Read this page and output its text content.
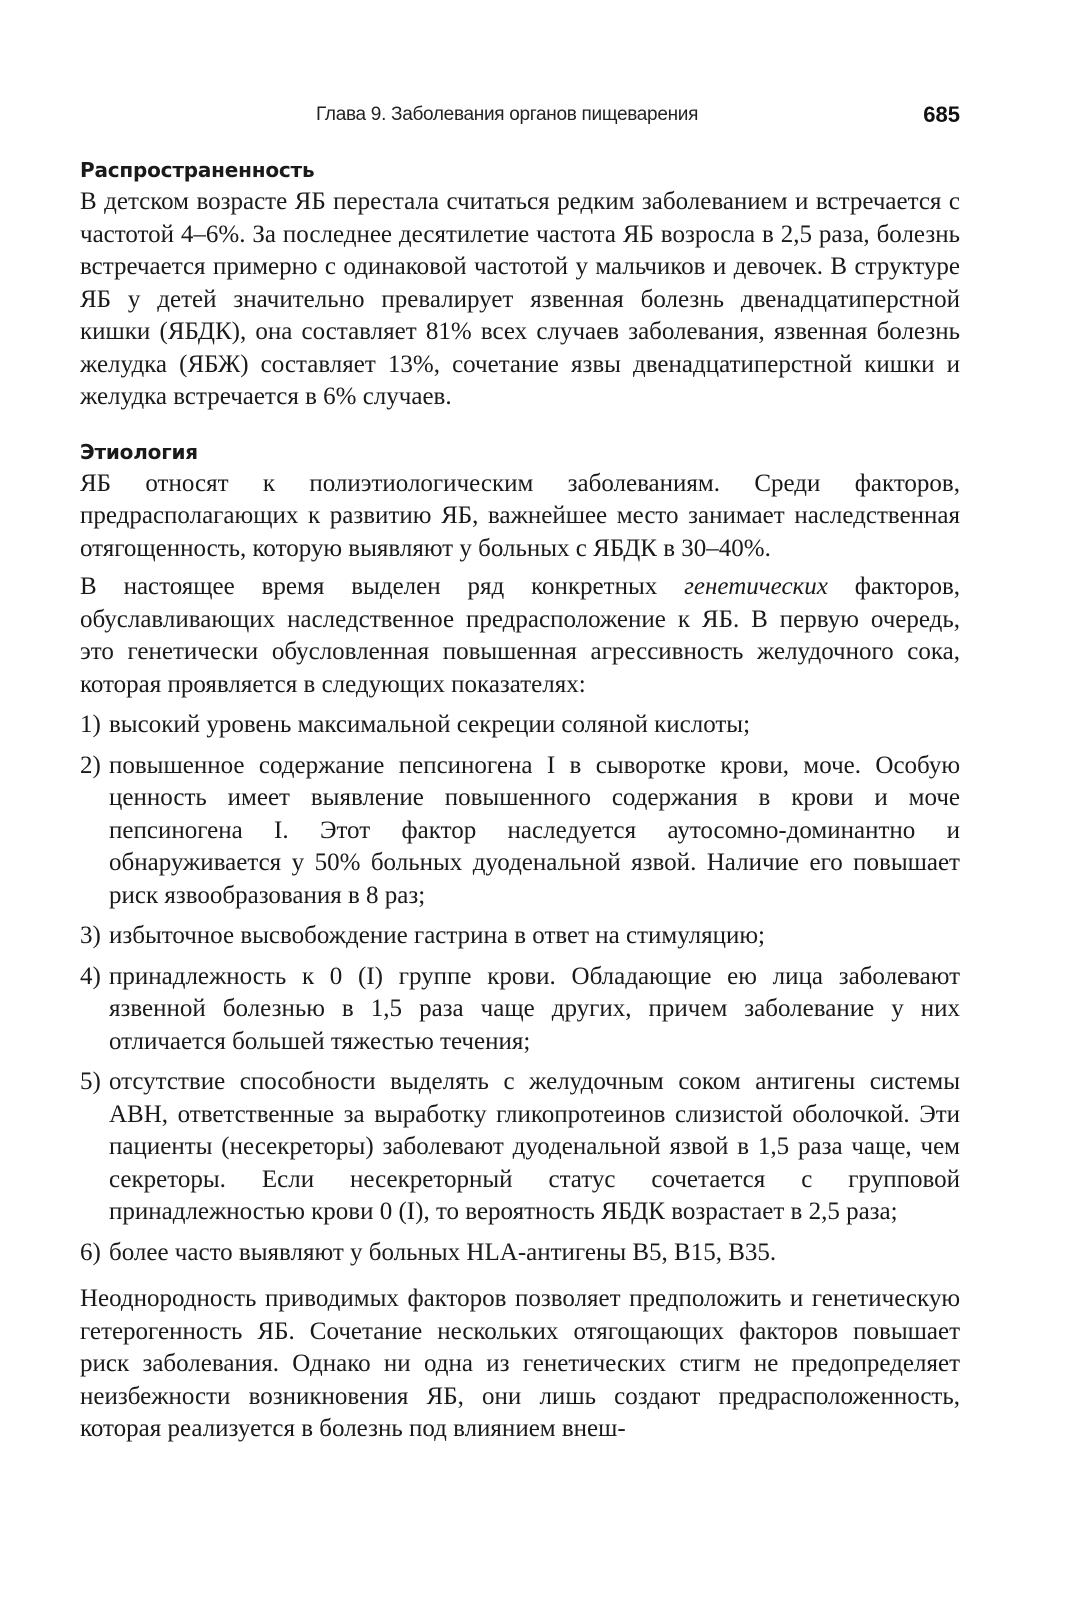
Глава 9. Заболевания органов пищеварения	685
Распространенность

В детском возрасте ЯБ перестала считаться редким заболеванием и встречается с частотой 4–6%. За последнее десятилетие частота ЯБ возросла в 2,5 раза, болезнь встречается примерно с одинаковой частотой у мальчиков и девочек. В структуре ЯБ у детей значительно превалирует язвенная болезнь двенадцатиперстной кишки (ЯБДК), она составляет 81% всех случаев заболевания, язвенная болезнь желудка (ЯБЖ) составляет 13%, сочетание язвы двенадцатиперстной кишки и желудка встречается в 6% случаев.

Этиология

ЯБ относят к полиэтиологическим заболеваниям. Среди факторов, предрасполагающих к развитию ЯБ, важнейшее место занимает наследственная отягощенность, которую выявляют у больных с ЯБДК в 30–40%.

В настоящее время выделен ряд конкретных генетических факторов, обуславливающих наследственное предрасположение к ЯБ. В первую очередь, это генетически обусловленная повышенная агрессивность желудочного сока, которая проявляется в следующих показателях:

1) высокий уровень максимальной секреции соляной кислоты;
2) повышенное содержание пепсиногена I в сыворотке крови, моче. Особую ценность имеет выявление повышенного содержания в крови и моче пепсиногена I. Этот фактор наследуется аутосомно-доминантно и обнаруживается у 50% больных дуоденальной язвой. Наличие его повышает риск язвообразования в 8 раз;
3) избыточное высвобождение гастрина в ответ на стимуляцию;
4) принадлежность к 0 (I) группе крови. Обладающие ею лица заболевают язвенной болезнью в 1,5 раза чаще других, причем заболевание у них отличается большей тяжестью течения;
5) отсутствие способности выделять с желудочным соком антигены системы ABH, ответственные за выработку гликопротеинов слизистой оболочкой. Эти пациенты (несекреторы) заболевают дуоденальной язвой в 1,5 раза чаще, чем секреторы. Если несекреторный статус сочетается с групповой принадлежностью крови 0 (I), то вероятность ЯБДК возрастает в 2,5 раза;
6) более часто выявляют у больных HLA-антигены B5, B15, B35.

Неоднородность приводимых факторов позволяет предположить и генетическую гетерогенность ЯБ. Сочетание нескольких отягощающих факторов повышает риск заболевания. Однако ни одна из генетических стигм не предопределяет неизбежности возникновения ЯБ, они лишь создают предрасположенность, которая реализуется в болезнь под влиянием внеш-
